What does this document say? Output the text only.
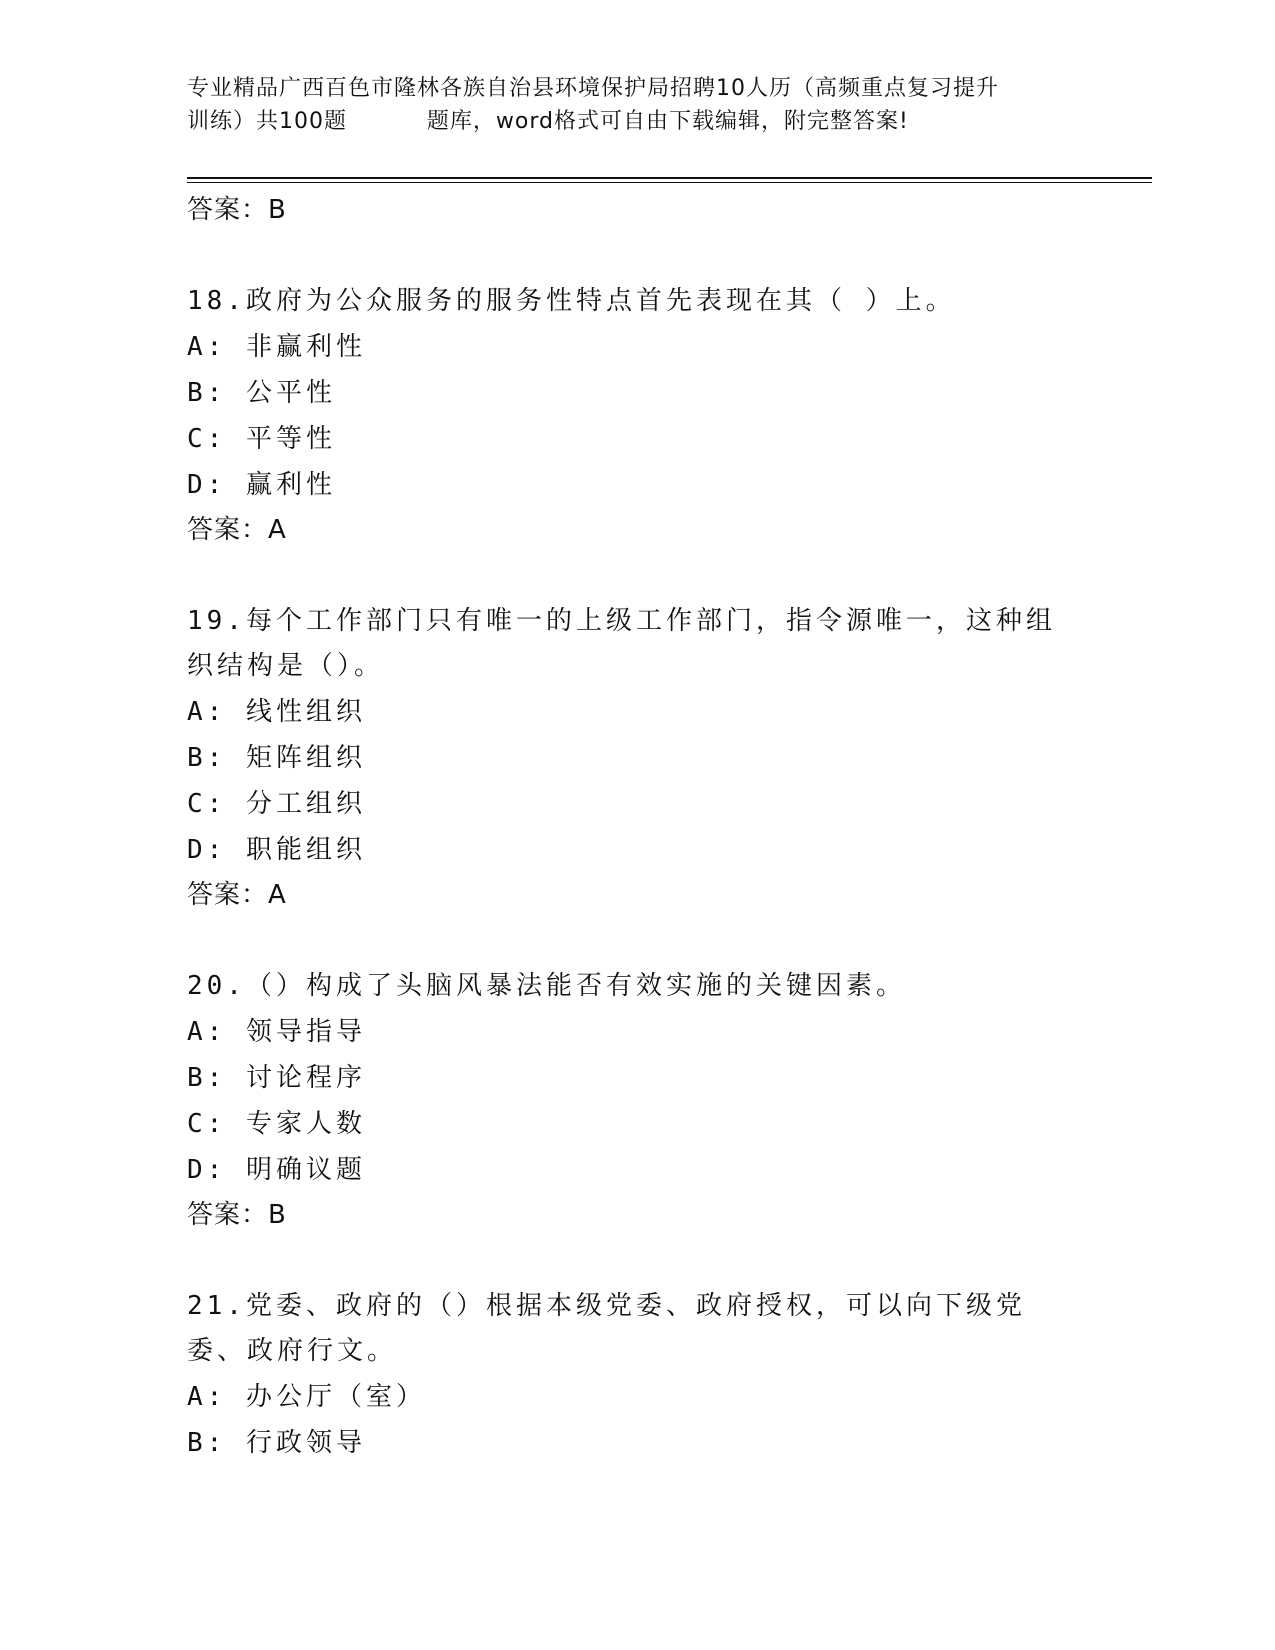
专业精品广西百色市隆林各族自治县环境保护局招聘10人历（高频重点复习提升
训练）共100题          题库，word格式可自由下载编辑，附完整答案!
答案：B
18.政府为公众服务的服务性特点首先表现在其（ ）上。
A: 非赢利性
B: 公平性
C: 平等性
D: 赢利性
答案：A
19.每个工作部门只有唯一的上级工作部门，指令源唯一，这种组织结构是（）。
A: 线性组织
B: 矩阵组织
C: 分工组织
D: 职能组织
答案：A
20.（）构成了头脑风暴法能否有效实施的关键因素。
A: 领导指导
B: 讨论程序
C: 专家人数
D: 明确议题
答案：B
21.党委、政府的（）根据本级党委、政府授权，可以向下级党委、政府行文。
A: 办公厅（室）
B: 行政领导
